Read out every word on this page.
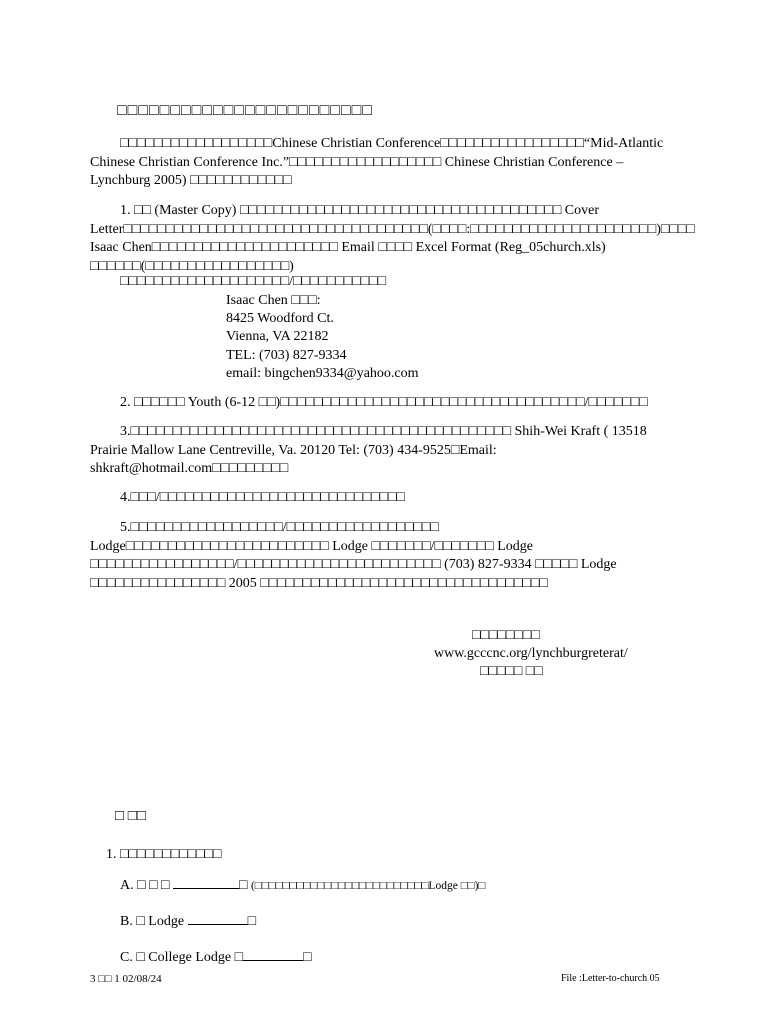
□□□□□□□□□□□□□□□□□□□□□□□□

□□□□□□□□□□□□□□□□□□Chinese Christian Conference□□□□□□□□□□□□□□□□□“Mid-Atlantic Chinese Christian Conference Inc.”□□□□□□□□□□□□□□□□□□ Chinese Christian Conference – Lynchburg 2005) □□□□□□□□□□□□

1. □□ (Master Copy) □□□□□□□□□□□□□□□□□□□□□□□□□□□□□□□□□□□□□□ Cover Letter□□□□□□□□□□□□□□□□□□□□□□□□□□□□□□□□□□□□(□□□□:□□□□□□□□□□□□□□□□□□□□□□)□□□□ Isaac Chen□□□□□□□□□□□□□□□□□□□□□□ Email □□□□ Excel Format (Reg_05church.xls) □□□□□□(□□□□□□□□□□□□□□□□□)

□□□□□□□□□□□□□□□□□□□□/□□□□□□□□□□□
Isaac Chen □□□:
8425 Woodford Ct.
Vienna, VA 22182
TEL: (703) 827-9334
email: bingchen9334@yahoo.com

2. □□□□□□ Youth (6-12 □□)□□□□□□□□□□□□□□□□□□□□□□□□□□□□□□□□□□□□/□□□□□□□

3.□□□□□□□□□□□□□□□□□□□□□□□□□□□□□□□□□□□□□□□□□□□□□ Shih-Wei Kraft ( 13518 Prairie Mallow Lane Centreville, Va. 20120 Tel: (703) 434-9525□Email: shkraft@hotmail.com□□□□□□□□□

4.□□□/□□□□□□□□□□□□□□□□□□□□□□□□□□□□□

5.□□□□□□□□□□□□□□□□□□/□□□□□□□□□□□□□□□□□□ Lodge□□□□□□□□□□□□□□□□□□□□□□□□ Lodge □□□□□□□/□□□□□□□ Lodge □□□□□□□□□□□□□□□□□/□□□□□□□□□□□□□□□□□□□□□□□□ (703) 827-9334 □□□□□ Lodge □□□□□□□□□□□□□□□□ 2005 □□□□□□□□□□□□□□□□□□□□□□□□□□□□□□□□□□

□□□□□□□□
www.gcccnc.org/lynchburgreterat/
□□□□□ □□
□ □□
1. □□□□□□□□□□□□
A. □ □ □	□ (□□□□□□□□□□□□□□□□□□□□□□□□□Lodge □□)□
B. □ Lodge	□
C. □ College Lodge □	□
3 □□ 1 02/08/24	File :Letter-to-church 05
